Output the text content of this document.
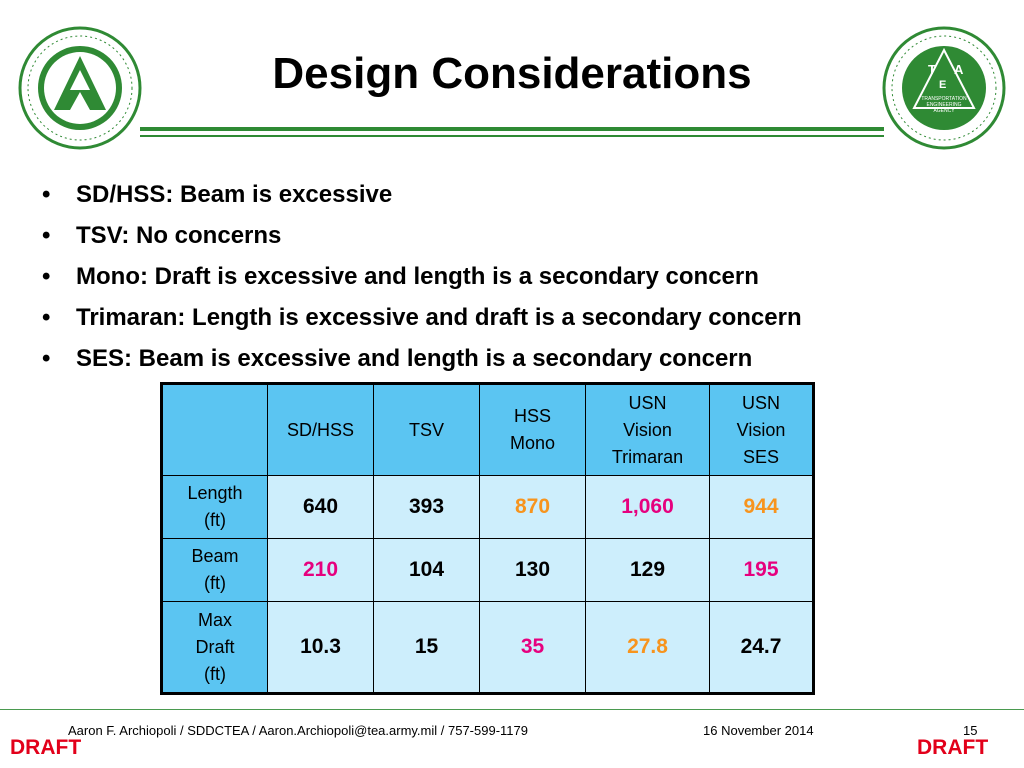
T A
E
TRANSPORTATION
ENGINEERING
AGENCY
Design Considerations
• SD/HSS: Beam is excessive
• TSV: No concerns
• Mono: Draft is excessive and length is a secondary concern
• Trimaran: Length is excessive and draft is a secondary concern
• SES: Beam is excessive and length is a secondary concern
	SD/HSS	TSV	HSS
Mono	USN
Vision
Trimaran	USN
Vision
SES
Length
(ft)	640	393	870	1,060	944
Beam
(ft)	210	104	130	129	195
Max
Draft
(ft)	10.3	15	35	27.8	24.7
Aaron F. Archiopoli / SDDCTEA / Aaron.Archiopoli@tea.army.mil / 757-599-1179	16 November 2014	15
DRAFT	DRAFT
